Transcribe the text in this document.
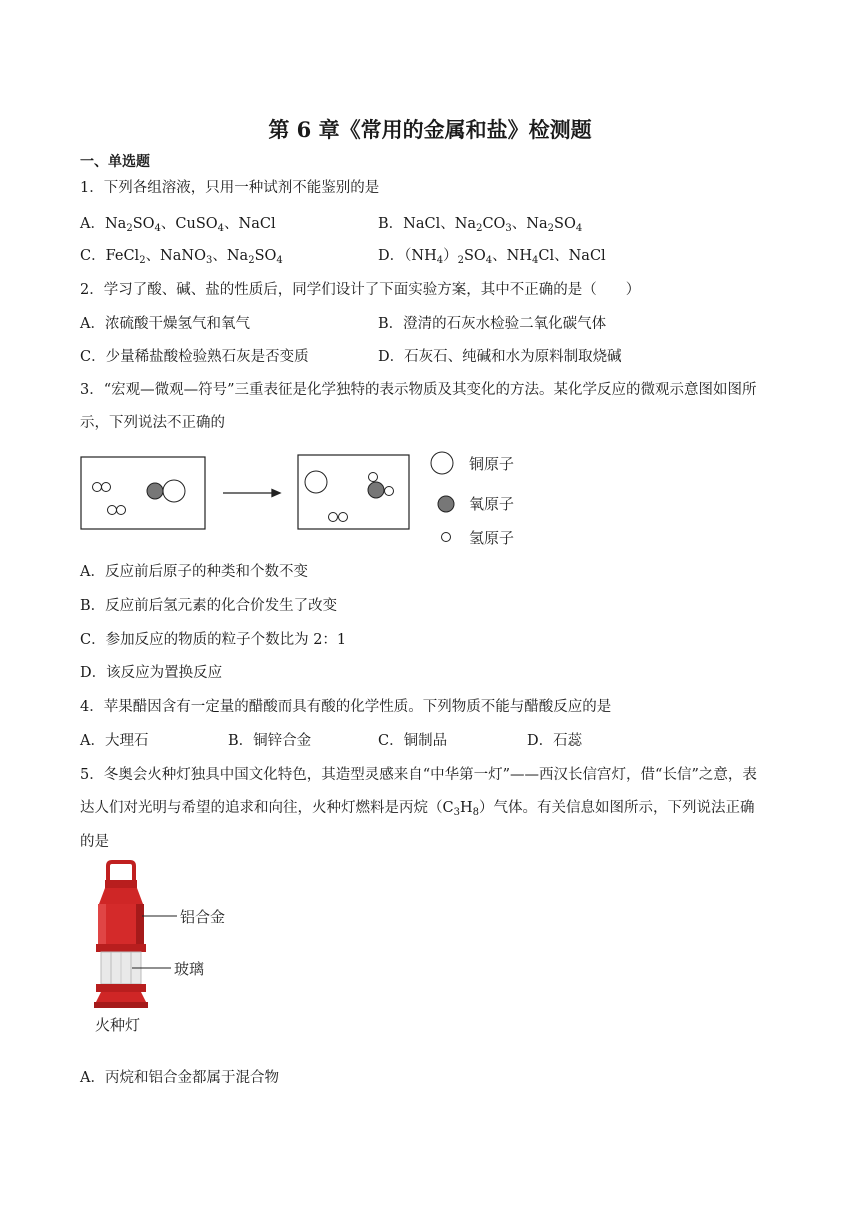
第 6 章《常用的金属和盐》检测题
一、单选题
1．下列各组溶液，只用一种试剂不能鉴别的是
A．$Na_2SO_4$、CuSO$_4$、NaCl	B．NaCl、$Na_2CO_3$、$Na_2SO_4$
C．FeCl$_2$、NaNO$_3$、$Na_2SO_4$	D．$(NH_4)_2SO_4$、$NH_4Cl$、NaCl
2．学习了酸、碱、盐的性质后，同学们设计了下面实验方案，其中不正确的是（　　）
A．浓硫酸干燥氢气和氧气	B．澄清的石灰水检验二氧化碳气体
C．少量稀盐酸检验熟石灰是否变质	D．石灰石、纯碱和水为原料制取烧碱
3．“宏观—微观—符号”三重表征是化学独特的表示物质及其变化的方法。某化学反应的微观示意图如图所
示，下列说法不正确的
铜原子
氧原子
氢原子
A．反应前后原子的种类和个数不变
B．反应前后氢元素的化合价发生了改变
C．参加反应的物质的粒子个数比为 2：1
D．该反应为置换反应
4．苹果醋因含有一定量的醋酸而具有酸的化学性质。下列物质不能与醋酸反应的是
A．大理石	B．铜锌合金	C．铜制品	D．石蕊
5．冬奥会火种灯独具中国文化特色，其造型灵感来自“中华第一灯”——西汉长信宫灯，借“长信”之意，表
达人们对光明与希望的追求和向往，火种灯燃料是丙烷$(C_3H_8)$气体。有关信息如图所示，下列说法正确
的是
铝合金
玻璃
火种灯
A．丙烷和铝合金都属于混合物
